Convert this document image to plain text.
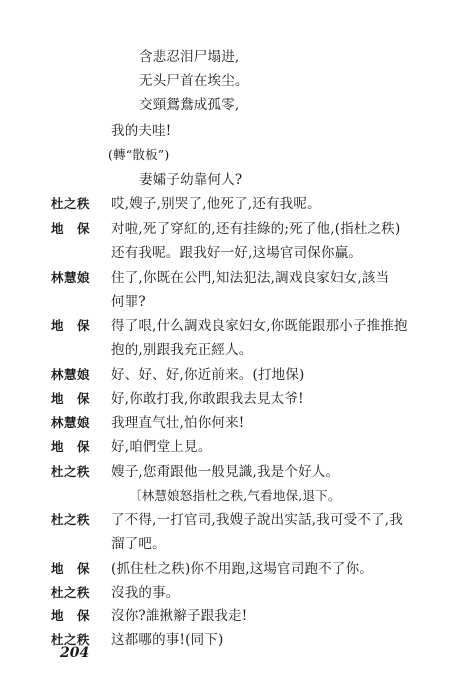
含悲忍泪尸塌进,
无头尸首在埃尘。
交頸鴛鴦成孤零,
我的夫哇!
(轉“散板”)
妻孀子幼靠何人?
杜之秩 哎,嫂子,别哭了,他死了,还有我呢。
地　保 对啦,死了穿紅的,还有挂綠的;死了他,(指杜之秩)
还有我呢。跟我好一好,这場官司保你贏。
林慧娘 住了,你既在公門,知法犯法,調戏良家妇女,該当
何罪?
地　保 得了哏,什么調戏良家妇女,你既能跟那小子推推抱
抱的,别跟我充正經人。
林慧娘 好、好、好,你近前来。(打地保)
地　保 好,你敢打我,你敢跟我去見太爷!
林慧娘 我理直气壮,怕你何来!
地　保 好,咱們堂上見。
杜之秩 嫂子,您甭跟他一般見識,我是个好人。
〔林慧娘怒指杜之秩,气看地保,退下。
杜之秩 了不得,一打官司,我嫂子說出实話,我可受不了,我
溜了吧。
地　保 (抓住杜之秩)你不用跑,这場官司跑不了你。
杜之秩 沒我的事。
地　保 沒你?誰揪辮子跟我走!
杜之秩 这都哪的事!(同下)
204
